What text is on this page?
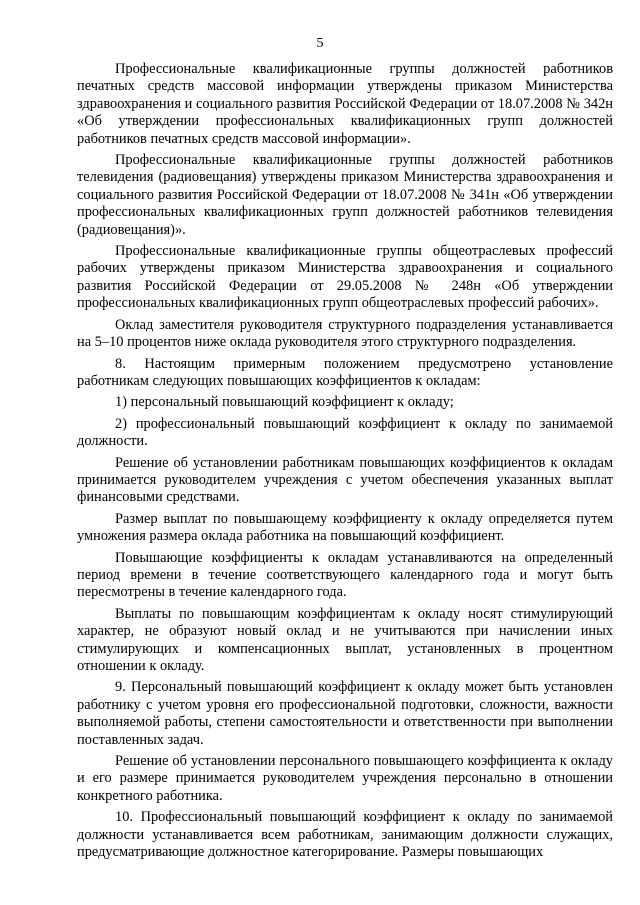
5

Профессиональные квалификационные группы должностей работников печатных средств массовой информации утверждены приказом Министерства здравоохранения и социального развития Российской Федерации от 18.07.2008 № 342н «Об утверждении профессиональных квалификационных групп должностей работников печатных средств массовой информации».

Профессиональные квалификационные группы должностей работников телевидения (радиовещания) утверждены приказом Министерства здравоохранения и социального развития Российской Федерации от 18.07.2008 № 341н «Об утверждении профессиональных квалификационных групп должностей работников телевидения (радиовещания)».

Профессиональные квалификационные группы общеотраслевых профессий рабочих утверждены приказом Министерства здравоохранения и социального развития Российской Федерации от 29.05.2008 № 248н «Об утверждении профессиональных квалификационных групп общеотраслевых профессий рабочих».

Оклад заместителя руководителя структурного подразделения устанавливается на 5–10 процентов ниже оклада руководителя этого структурного подразделения.

8. Настоящим примерным положением предусмотрено установление работникам следующих повышающих коэффициентов к окладам:

1) персональный повышающий коэффициент к окладу;

2) профессиональный повышающий коэффициент к окладу по занимаемой должности.

Решение об установлении работникам повышающих коэффициентов к окладам принимается руководителем учреждения с учетом обеспечения указанных выплат финансовыми средствами.

Размер выплат по повышающему коэффициенту к окладу определяется путем умножения размера оклада работника на повышающий коэффициент.

Повышающие коэффициенты к окладам устанавливаются на определенный период времени в течение соответствующего календарного года и могут быть пересмотрены в течение календарного года.

Выплаты по повышающим коэффициентам к окладу носят стимулирующий характер, не образуют новый оклад и не учитываются при начислении иных стимулирующих и компенсационных выплат, установленных в процентном отношении к окладу.

9. Персональный повышающий коэффициент к окладу может быть установлен работнику с учетом уровня его профессиональной подготовки, сложности, важности выполняемой работы, степени самостоятельности и ответственности при выполнении поставленных задач.

Решение об установлении персонального повышающего коэффициента к окладу и его размере принимается руководителем учреждения персонально в отношении конкретного работника.

10. Профессиональный повышающий коэффициент к окладу по занимаемой должности устанавливается всем работникам, занимающим должности служащих, предусматривающие должностное категорирование. Размеры повышающих
